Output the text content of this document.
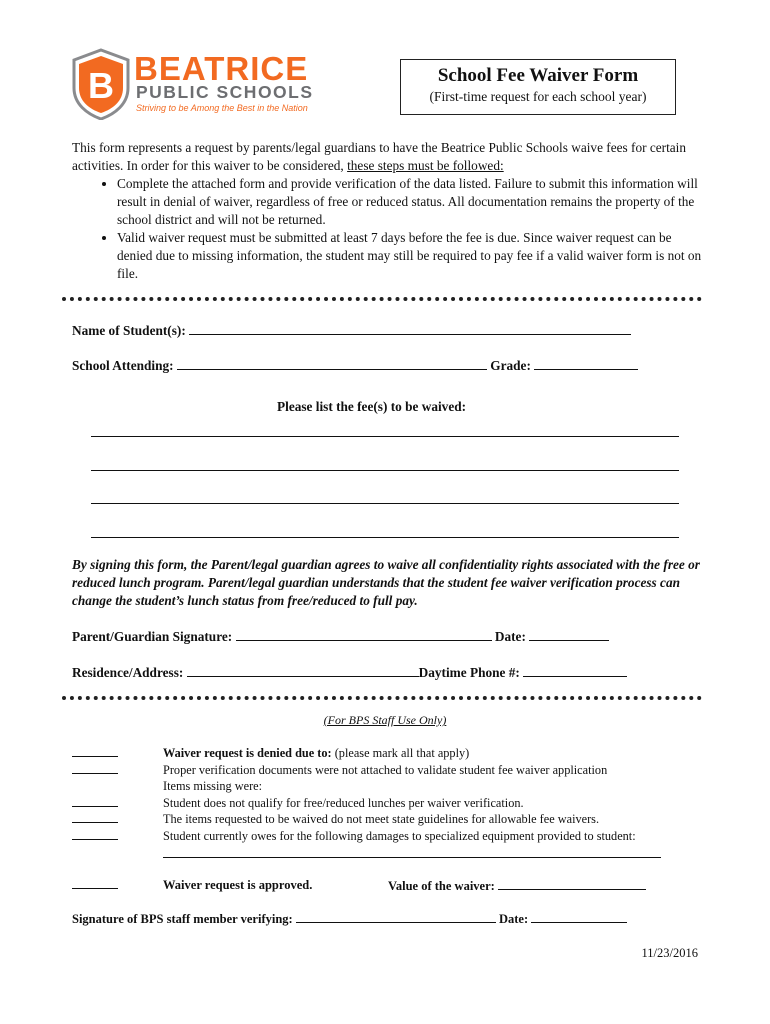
B BEATRICE
PUBLIC SCHOOLS
Striving to be Among the Best in the Nation
School Fee Waiver Form
(First-time request for each school year)

This form represents a request by parents/legal guardians to have the Beatrice Public Schools waive fees for certain activities. In order for this waiver to be considered, these steps must be followed:

• Complete the attached form and provide verification of the data listed. Failure to submit this information will result in denial of waiver, regardless of free or reduced status. All documentation remains the property of the school district and will not be returned.
• Valid waiver request must be submitted at least 7 days before the fee is due. Since waiver request can be denied due to missing information, the student may still be required to pay fee if a valid waiver form is not on file.
Name of Student(s):
School Attending:	Grade:
Please list the fee(s) to be waived:
By signing this form, the Parent/legal guardian agrees to waive all confidentiality rights associated with the free or reduced lunch program. Parent/legal guardian understands that the student fee waiver verification process can change the student’s lunch status from free/reduced to full pay.
Parent/Guardian Signature:	Date:
Residence/Address:	Daytime Phone #:
(For BPS Staff Use Only)

Waiver request is denied due to: (please mark all that apply)
Proper verification documents were not attached to validate student fee waiver application
Items missing were:
Student does not qualify for free/reduced lunches per waiver verification.
The items requested to be waived do not meet state guidelines for allowable fee waivers.
Student currently owes for the following damages to specialized equipment provided to student:
Waiver request is approved.	Value of the waiver:
Signature of BPS staff member verifying:	Date:
11/23/2016
